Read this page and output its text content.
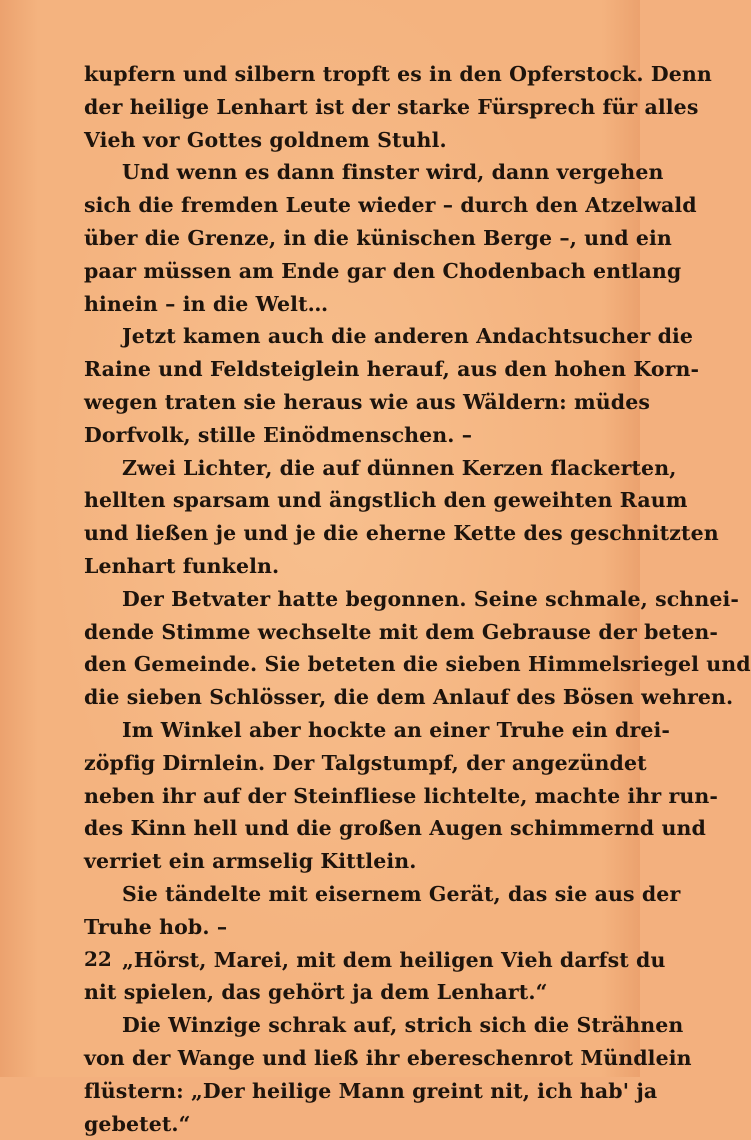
kupfern und silbern tropft es in den Opferstock. Denn
der heilige Lenhart ist der starke Fürsprech für alles
Vieh vor Gottes goldnem Stuhl.
Und wenn es dann finster wird, dann vergehen
sich die fremden Leute wieder – durch den Atzelwald
über die Grenze, in die künischen Berge –, und ein
paar müssen am Ende gar den Chodenbach entlang
hinein – in die Welt…
Jetzt kamen auch die anderen Andachtsucher die
Raine und Feldsteiglein herauf, aus den hohen Korn-
wegen traten sie heraus wie aus Wäldern: müdes
Dorfvolk, stille Einödmenschen. –
Zwei Lichter, die auf dünnen Kerzen flackerten,
hellten sparsam und ängstlich den geweihten Raum
und ließen je und je die eherne Kette des geschnitzten
Lenhart funkeln.
Der Betvater hatte begonnen. Seine schmale, schnei-
dende Stimme wechselte mit dem Gebrause der beten-
den Gemeinde. Sie beteten die sieben Himmelsriegel und
die sieben Schlösser, die dem Anlauf des Bösen wehren.
Im Winkel aber hockte an einer Truhe ein drei-
zöpfig Dirnlein. Der Talgstumpf, der angezündet
neben ihr auf der Steinfliese lichtelte, machte ihr run-
des Kinn hell und die großen Augen schimmernd und
verriet ein armselig Kittlein.
Sie tändelte mit eisernem Gerät, das sie aus der
Truhe hob. –
„Hörst, Marei, mit dem heiligen Vieh darfst du
nit spielen, das gehört ja dem Lenhart.“
Die Winzige schrak auf, strich sich die Strähnen
von der Wange und ließ ihr ebereschenrot Mündlein
flüstern: „Der heilige Mann greint nit, ich hab' ja
gebetet.“
22
